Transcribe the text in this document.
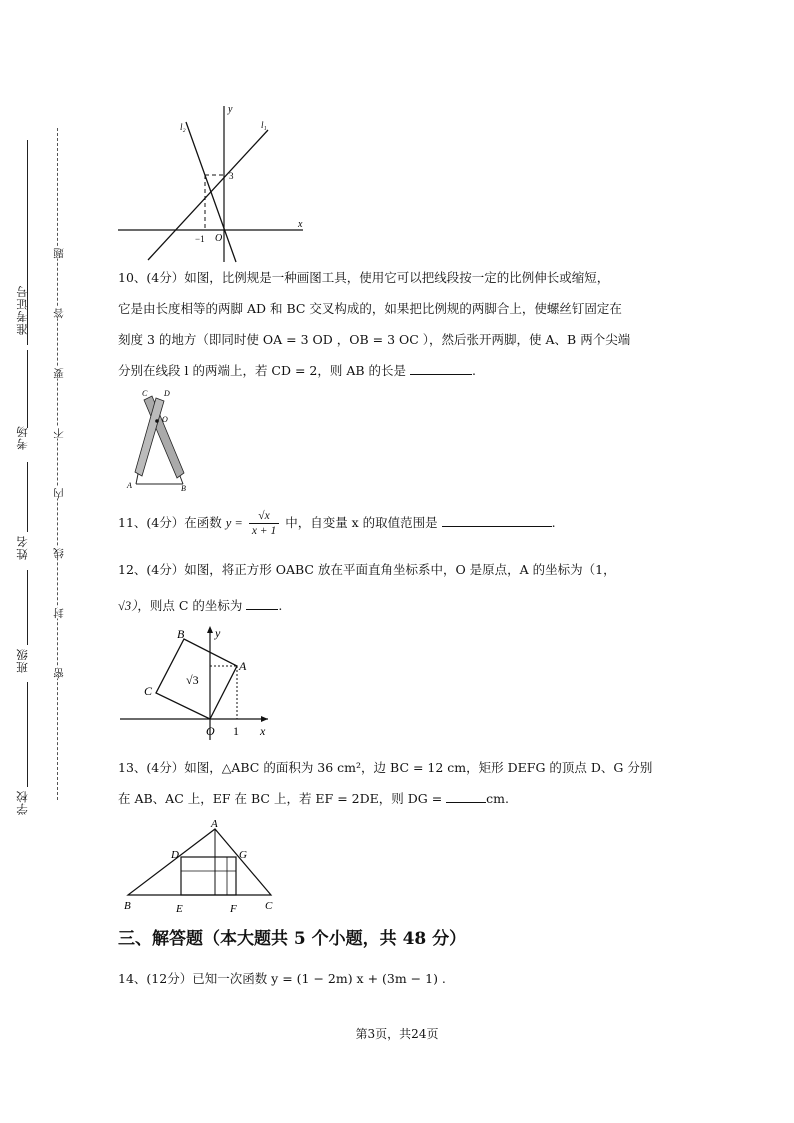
准考证号
考场
姓名
班级
学校
题
答
要
不
内
线
封
密
y
x
l₂	l₁
3
−1 O
10、(4分）如图，比例规是一种画图工具，使用它可以把线段按一定的比例伸长或缩短，
它是由长度相等的两脚 AD 和 BC 交叉构成的，如果把比例规的两脚合上，使螺丝钉固定在
刻度 3 的地方（即同时使 OA = 3 OD ，OB = 3 OC ），然后张开两脚，使 A、B 两个尖端
分别在线段 l 的两端上，若 CD = 2，则 AB 的长是	.
C D
O
A	B
11、(4分）在函数 $y = \frac{√x}{x + 1}$ 中，自变量 x 的取值范围是	.
12、(4分）如图，将正方形 OABC 放在平面直角坐标系中，O 是原点，A 的坐标为（1，
√3），则点 C 的坐标为	.
B	y
A
√3
C
O 1 x
13、(4分）如图，△ABC 的面积为 36 cm²，边 BC = 12 cm，矩形 DEFG 的顶点 D、G 分别
在 AB、AC 上，EF 在 BC 上，若 EF = 2DE，则 DG =	cm.
A
D	G
B	E	F	C
三、解答题（本大题共 5 个小题，共 48 分）
14、(12分）已知一次函数 y = (1 − 2m) x + (3m − 1) .
第3页，共24页
